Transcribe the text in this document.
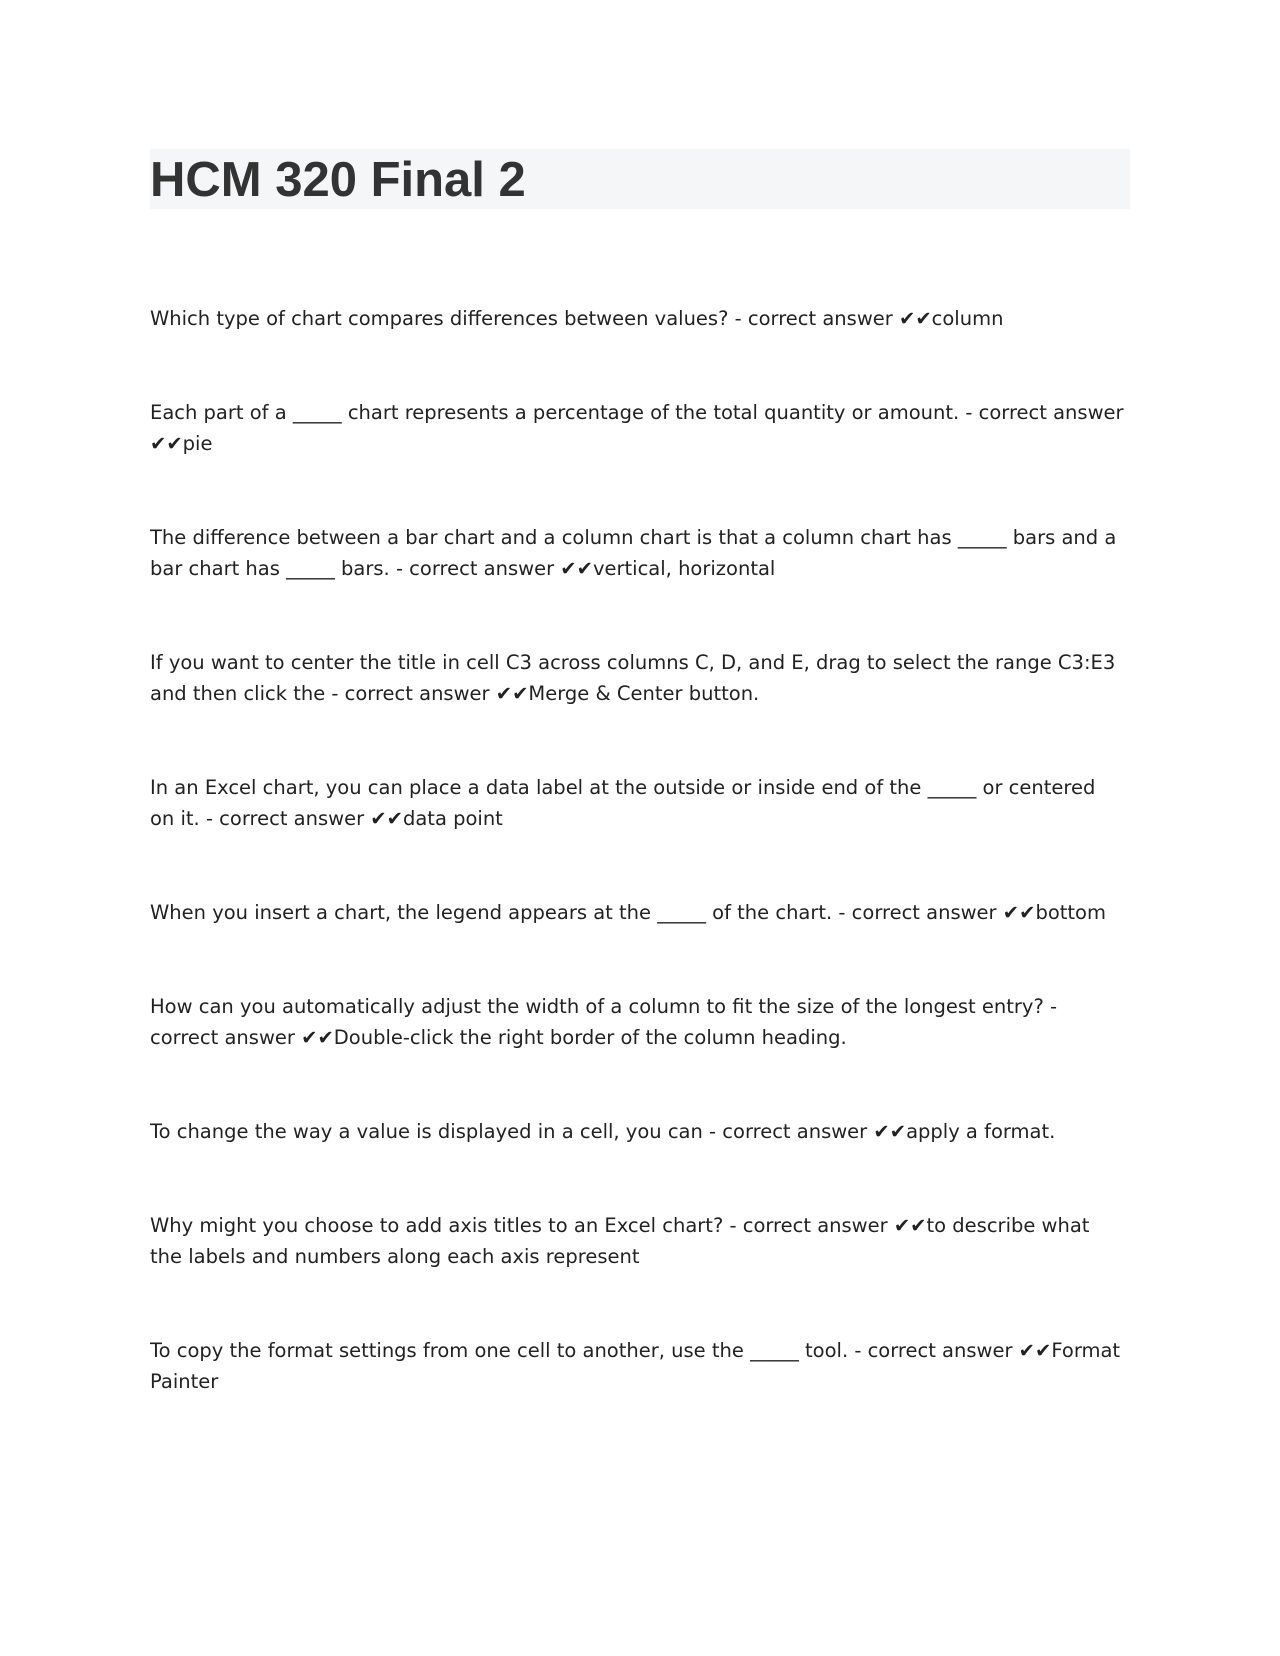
HCM 320 Final 2

Which type of chart compares differences between values? - correct answer ✔✔column

Each part of a _____ chart represents a percentage of the total quantity or amount. - correct answer ✔✔pie

The difference between a bar chart and a column chart is that a column chart has _____ bars and a bar chart has _____ bars. - correct answer ✔✔vertical, horizontal

If you want to center the title in cell C3 across columns C, D, and E, drag to select the range C3:E3 and then click the - correct answer ✔✔Merge & Center button.

In an Excel chart, you can place a data label at the outside or inside end of the _____ or centered on it. - correct answer ✔✔data point

When you insert a chart, the legend appears at the _____ of the chart. - correct answer ✔✔bottom

How can you automatically adjust the width of a column to fit the size of the longest entry? - correct answer ✔✔Double-click the right border of the column heading.

To change the way a value is displayed in a cell, you can - correct answer ✔✔apply a format.

Why might you choose to add axis titles to an Excel chart? - correct answer ✔✔to describe what the labels and numbers along each axis represent

To copy the format settings from one cell to another, use the _____ tool. - correct answer ✔✔Format Painter
